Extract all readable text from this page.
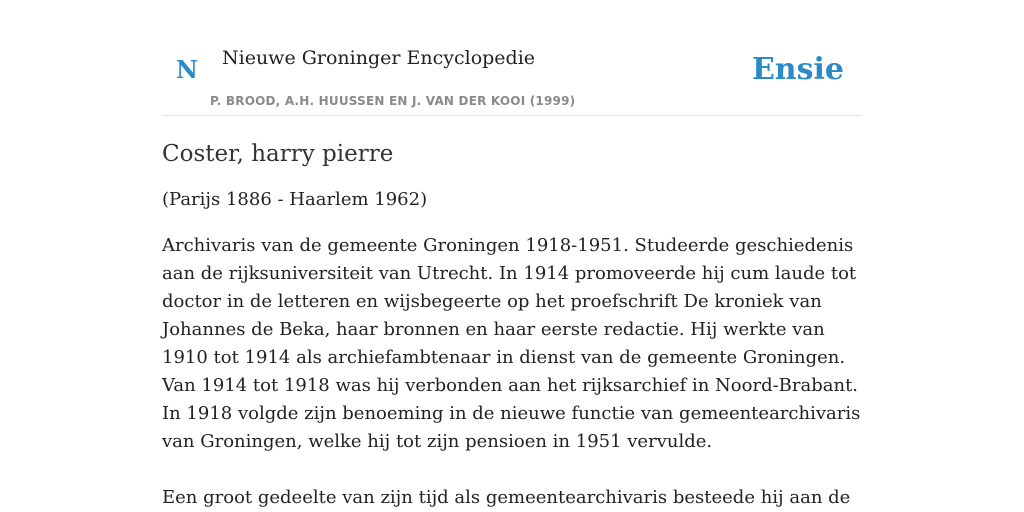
N Nieuwe Groninger Encyclopedie
P. BROOD, A.H. HUUSSEN EN J. VAN DER KOOI (1999)
Ensie
Coster, harry pierre

(Parijs 1886 - Haarlem 1962)

Archivaris van de gemeente Groningen 1918-1951. Studeerde geschiedenis aan de rijksuniversiteit van Utrecht. In 1914 promoveerde hij cum laude tot doctor in de letteren en wijsbegeerte op het proefschrift De kroniek van Johannes de Beka, haar bronnen en haar eerste redactie. Hij werkte van 1910 tot 1914 als archiefambtenaar in dienst van de gemeente Groningen. Van 1914 tot 1918 was hij verbonden aan het rijksarchief in Noord-Brabant. In 1918 volgde zijn benoeming in de nieuwe functie van gemeentearchivaris van Groningen, welke hij tot zijn pensioen in 1951 vervulde.

Een groot gedeelte van zijn tijd als gemeentearchivaris besteede hij aan de
